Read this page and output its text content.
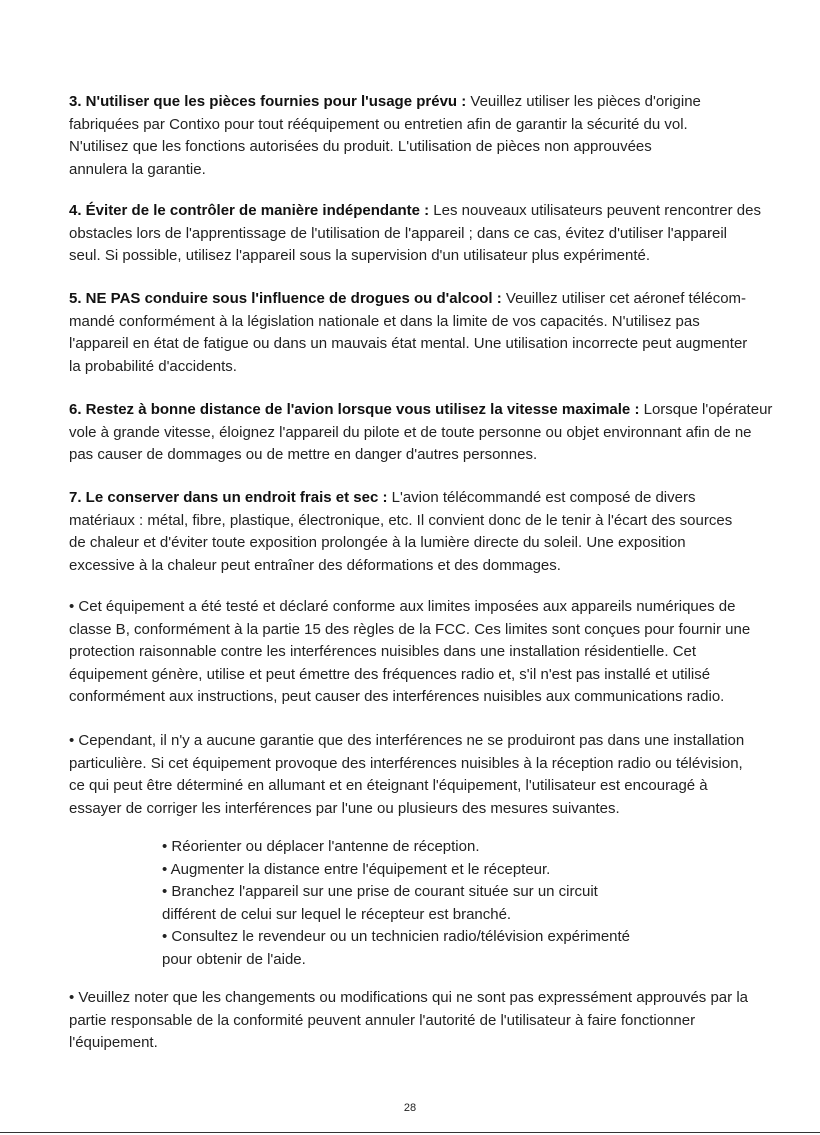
3. N'utiliser que les pièces fournies pour l'usage prévu : Veuillez utiliser les pièces d'origine
fabriquées par Contixo pour tout rééquipement ou entretien afin de garantir la sécurité du vol.
N'utilisez que les fonctions autorisées du produit. L'utilisation de pièces non approuvées
annulera la garantie.
4. Éviter de le contrôler de manière indépendante : Les nouveaux utilisateurs peuvent rencontrer des
obstacles lors de l'apprentissage de l'utilisation de l'appareil ; dans ce cas, évitez d'utiliser l'appareil
seul. Si possible, utilisez l'appareil sous la supervision d'un utilisateur plus expérimenté.
5. NE PAS conduire sous l'influence de drogues ou d'alcool : Veuillez utiliser cet aéronef télécom-
mandé conformément à la législation nationale et dans la limite de vos capacités. N'utilisez pas
l'appareil en état de fatigue ou dans un mauvais état mental. Une utilisation incorrecte peut augmenter
la probabilité d'accidents.
6. Restez à bonne distance de l'avion lorsque vous utilisez la vitesse maximale : Lorsque l'opérateur
vole à grande vitesse, éloignez l'appareil du pilote et de toute personne ou objet environnant afin de ne
pas causer de dommages ou de mettre en danger d'autres personnes.
7. Le conserver dans un endroit frais et sec : L'avion télécommandé est composé de divers
matériaux : métal, fibre, plastique, électronique, etc. Il convient donc de le tenir à l'écart des sources
de chaleur et d'éviter toute exposition prolongée à la lumière directe du soleil. Une exposition
excessive à la chaleur peut entraîner des déformations et des dommages.
• Cet équipement a été testé et déclaré conforme aux limites imposées aux appareils numériques de
classe B, conformément à la partie 15 des règles de la FCC. Ces limites sont conçues pour fournir une
protection raisonnable contre les interférences nuisibles dans une installation résidentielle. Cet
équipement génère, utilise et peut émettre des fréquences radio et, s'il n'est pas installé et utilisé
conformément aux instructions, peut causer des interférences nuisibles aux communications radio.
• Cependant, il n'y a aucune garantie que des interférences ne se produiront pas dans une installation
particulière. Si cet équipement provoque des interférences nuisibles à la réception radio ou télévision,
ce qui peut être déterminé en allumant et en éteignant l'équipement, l'utilisateur est encouragé à
essayer de corriger les interférences par l'une ou plusieurs des mesures suivantes.
• Réorienter ou déplacer l'antenne de réception.
• Augmenter la distance entre l'équipement et le récepteur.
• Branchez l'appareil sur une prise de courant située sur un circuit
différent de celui sur lequel le récepteur est branché.
• Consultez le revendeur ou un technicien radio/télévision expérimenté
pour obtenir de l'aide.
• Veuillez noter que les changements ou modifications qui ne sont pas expressément approuvés par la
partie responsable de la conformité peuvent annuler l'autorité de l'utilisateur à faire fonctionner
l'équipement.
28
